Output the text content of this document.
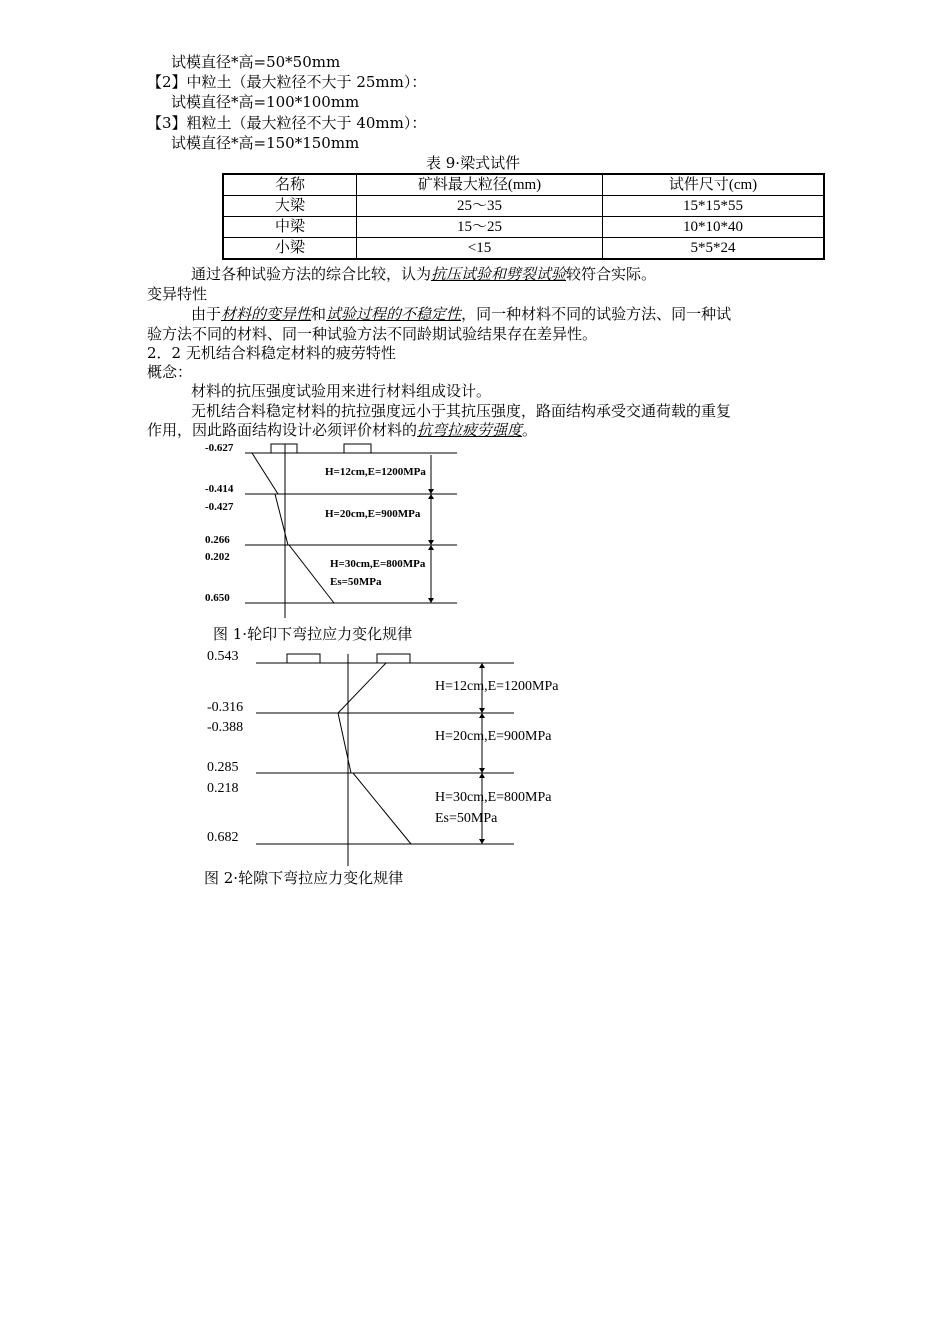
试模直径*高=50*50mm
【2】中粒土（最大粒径不大于 25mm）：
试模直径*高=100*100mm
【3】粗粒土（最大粒径不大于 40mm）：
试模直径*高=150*150mm
表 9·梁式试件
名称	矿料最大粒径(mm)	试件尺寸(cm)
大梁	25～35	15*15*55
中梁	15～25	10*10*40
小梁	<15	5*5*24
通过各种试验方法的综合比较，认为抗压试验和劈裂试验较符合实际。
变异特性
由于材料的变异性和试验过程的不稳定性，同一种材料不同的试验方法、同一种试
验方法不同的材料、同一种试验方法不同龄期试验结果存在差异性。
2．2 无机结合料稳定材料的疲劳特性
概念：
材料的抗压强度试验用来进行材料组成设计。
无机结合料稳定材料的抗拉强度远小于其抗压强度，路面结构承受交通荷载的重复
作用，因此路面结构设计必须评价材料的抗弯拉疲劳强度。
-0.627
-0.414
-0.427
0.266
0.202
0.650
H=12cm,E=1200MPa
H=20cm,E=900MPa
H=30cm,E=800MPa
Es=50MPa
0.543
-0.316
-0.388
0.285
0.218
0.682
H=12cm,E=1200MPa
H=20cm,E=900MPa
H=30cm,E=800MPa
Es=50MPa
图 1·轮印下弯拉应力变化规律
图 2·轮隙下弯拉应力变化规律
